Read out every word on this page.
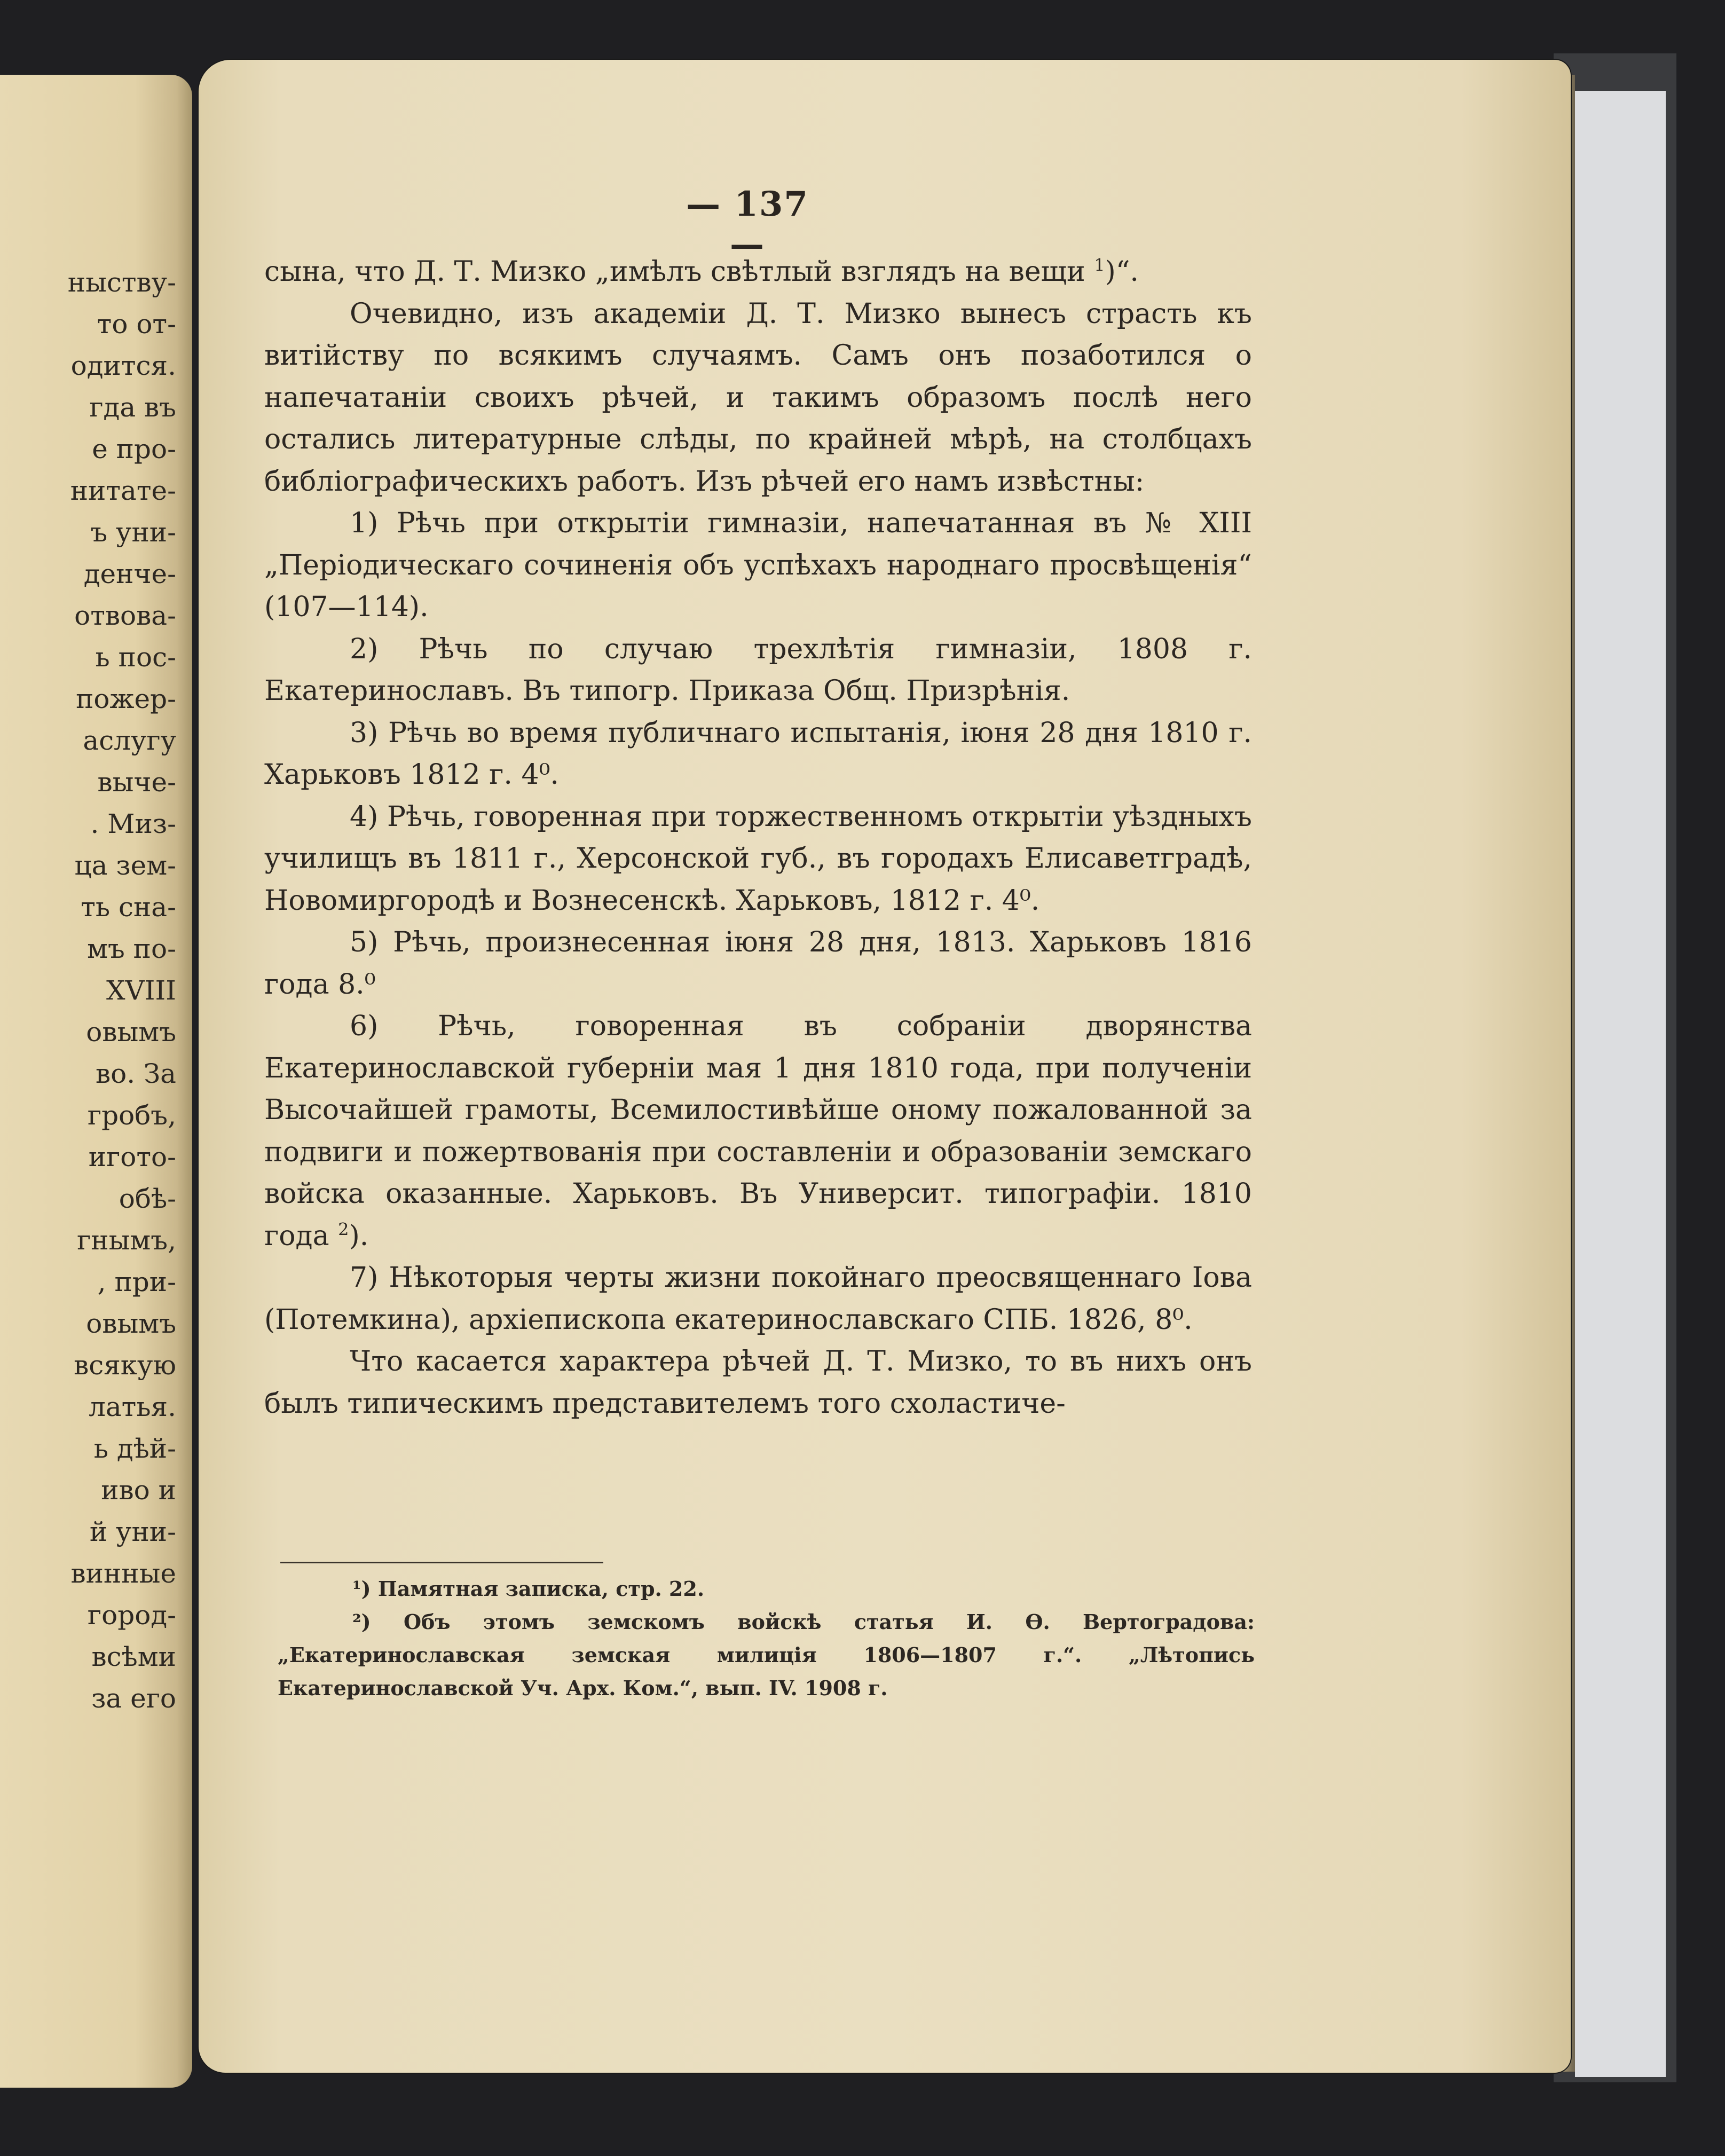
ныству-
то от-
одится.
гда въ
е про-
нитате-
ъ уни-
денче-
отвова-
ь пос-
пожер-
аслугу
выче-
. Миз-
ца зем-
ть сна-
мъ по-
XVIII
овымъ
во. За
гробъ,
иготo-
обѣ-
гнымъ,
, при-
овымъ
всякую
латья.
ь дѣй-
иво и
й уни-
винные
город-
всѣми
за его
— 137 —

сына, что Д. Т. Мизко „имѣлъ свѣтлый взглядъ на вещи $^1$)“.

Очевидно, изъ академіи Д. Т. Мизко вынесъ страсть къ витійству по всякимъ случаямъ. Самъ онъ позаботился о напечатаніи своихъ рѣчей, и такимъ образомъ послѣ него остались литературные слѣды, по крайней мѣрѣ, на столбцахъ библіографическихъ работъ. Изъ рѣчей его намъ извѣстны:

1) Рѣчь при открытіи гимназіи, напечатанная въ № XIII „Періодическаго сочиненія объ успѣхахъ народнаго просвѣщенія“ (107—114).

2) Рѣчь по случаю трехлѣтія гимназіи, 1808 г. Екатеринославъ. Въ типогр. Приказа Общ. Призрѣнія.

3) Рѣчь во время публичнаго испытанія, іюня 28 дня 1810 г. Харьковъ 1812 г. 4⁰.

4) Рѣчь, говоренная при торжественномъ открытіи уѣздныхъ училищъ въ 1811 г., Херсонской губ., въ городахъ Елисаветградѣ, Новомиргородѣ и Вознесенскѣ. Харьковъ, 1812 г. 4⁰.

5) Рѣчь, произнесенная іюня 28 дня, 1813. Харьковъ 1816 года 8.⁰

6) Рѣчь, говоренная въ собраніи дворянства Екатеринославской губерніи мая 1 дня 1810 года, при полученіи Высочайшей грамоты, Всемилостивѣйше оному пожалованной за подвиги и пожертвованія при составленіи и образованіи земскаго войска оказанные. Харьковъ. Въ Университ. типографіи. 1810 года $^2$).

7) Нѣкоторыя черты жизни покойнаго преосвященнаго Іова (Потемкина), архіепископа екатеринославскаго СПБ. 1826, 8⁰.

Что касается характера рѣчей Д. Т. Мизко, то въ нихъ онъ былъ типическимъ представителемъ того схоластиче-

¹) Памятная записка, стр. 22.

²) Объ этомъ земскомъ войскѣ статья И. Ѳ. Вертоградова: „Екатеринославская земская милиція 1806—1807 г.“. „Лѣтопись Екатеринославской Уч. Арх. Ком.“, вып. IV. 1908 г.
